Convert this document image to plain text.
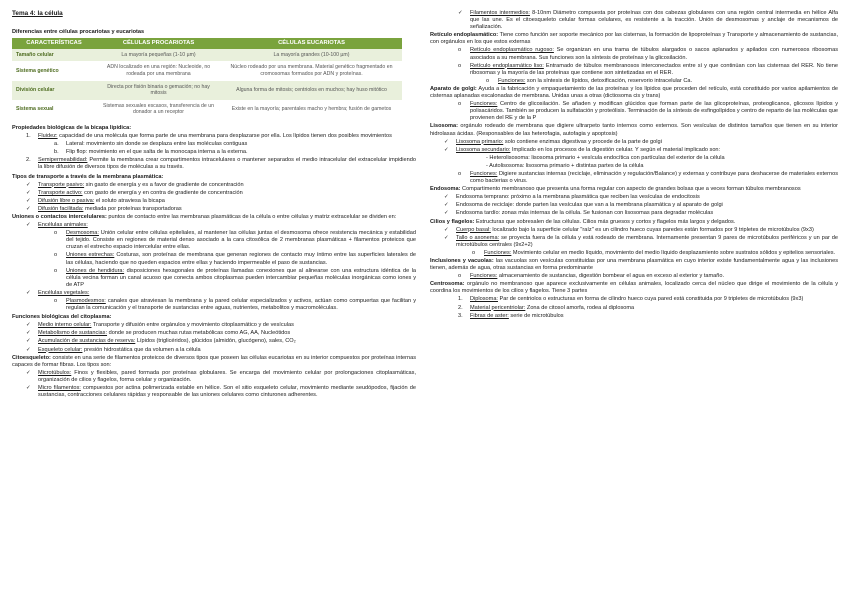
Tema 4: la célula
Diferencias entre células procariotas y eucariotas
CARACTERÍSTICAS	CÉLULAS PROCARIOTAS	CÉLULAS EUCARIOTAS
Tamaño celular	La mayoría pequeñas (1-10 µm)	La mayoría grandes (10-100 µm)
Sistema genético	ADN localizado en una región: Nucleoide, no rodeada por una membrana	Núcleo rodeado por una membrana. Material genético fragmentado en cromosomas formados por ADN y proteínas.
División celular	Directa por fisión binaria o gemación; no hay mitosis	Alguna forma de mitosis; centriolos en muchos; hay huso mitótico
Sistema sexual	Sistemas sexuales escasos, transferencia de un donador a un receptor	Existe en la mayoría; parentales macho y hembra; fusión de gametos
Propiedades biológicas de la bicapa lipídica:
1.	Fluidez: capacidad de una molécula que forma parte de una membrana para desplazarse por ella. Los lípidos tienen dos posibles movimientos
a.	Lateral: movimiento sin donde se desplaza entre las moléculas contiguas
b.	Flip flop: movimiento en el que salta de la monocapa interna a la externa.
2.	Semipermeabilidad: Permite la membrana crear compartimentos intracelulares o mantener separados el medio intracelular del extracelular impidiendo la libre difusión de diversos tipos de moléculas a su través.
Tipos de transporte a través de la membrana plasmática:
✓	Transporte pasivo: sin gasto de energía y es a favor de gradiente de concentración
✓	Transporte activo: con gasto de energía y en contra de gradiente de concentración
✓	Difusión libre o pasiva: el soluto atraviesa la bicapa
✓	Difusión facilitada: mediada por proteínas transportadoras

Uniones o contactos intercelulares: puntos de contacto entre las membranas plasmáticas de la célula o entre células y matriz extracelular se dividen en:

✓	Encélulas animales:
o	Desmosoma: Unión celular entre células epiteliales, al mantener las células juntas el desmosoma ofrece resistencia mecánica y estabilidad del tejido. Consiste en regiones de material denso asociado a la cara citosólica de 2 membranas plasmáticas + filamentos proteicos que cruzan el estrecho espacio intercelular entre ellas.
o	Uniones estrechas: Costuras, son proteínas de membrana que generan regiones de contacto muy íntimo entre las superficies laterales de las células, haciendo que no queden espacios entre ellas y haciendo impermeable el paso de sustancias.
o	Uniones de hendidura: disposiciones hexagonales de proteínas llamadas conexiones que al alinearse con una estructura idéntica de la célula vecina forman un canal acuoso que conecta ambos citoplasmas pueden intercambiar pequeñas moléculas inorgánicas como iones y de ATP
✓	Encélulas vegetales:
o	Plasmodesmos: canales que atraviesan la membrana y la pared celular especializados y activos, actúan como compuertas que facilitan y regulan la comunicación y el transporte de sustancias entre aguas, nutrientes, metabolitos y macromoléculas.
Funciones biológicas del citoplasma:
✓	Medio interno celular: Transporte y difusión entre orgánulos y movimiento citoplasmático y de vesículas
✓	Metabolismo de sustancias: donde se producen muchas rutas metabólicas como AG, AA, Nucleótidos
✓	Acumulación de sustancias de reserva: Lípidos (triglicéridos), glúcidos (almidón, glucógeno), sales, CO₂
✓	Esqueleto celular: presión hidrostática que da volumen a la célula

Citoesqueleto: consiste en una serie de filamentos proteicos de diversos tipos que poseen las células eucariotas en su interior compuestos por proteínas internas capaces de formar fibras. Los tipos son:

✓	Microtúbulos: Finos y flexibles, pared formada por proteínas globulares. Se encarga del movimiento celular por prolongaciones citoplasmáticas, organización de cilios y flagelos, forma celular y organización.
✓	Micro filamentos: compuestos por actina polimerizada estable en hélice. Son el sitio esqueleto celular, movimiento mediante seudópodos, fijación de sustancias, contracciones celulares rápidas y responsable de las uniones celulares como cinturones adherentes.
✓	Filamentos intermedios: 8-10nm Diámetro compuesta por proteínas con dos cabezas globulares con una región central intermedia en hélice Alfa que las une. Es el citoesqueleto celular formas celulares, es resistente a la tracción. Unión de desmosomas y anclaje de mecanismos de señalización.

Retículo endoplasmático: Tiene como función ser soporte mecánico por las cisternas, la formación de lipoproteínas y Transporte y almacenamiento de sustancias, con orgánulos en los que estos externas

o	Retículo endoplasmático rugoso: Se organizan en una trama de túbulos alargados o sacos aplanados y apilados con numerosos ribosomas asociados a su membrana. Sus funciones son la síntesis de proteínas y la glicosilación.
o	Retículo endoplasmático liso: Entramado de túbulos membranosos interconectados entre sí y que continúan con las cisternas del RER. No tiene ribosomas y la mayoría de las proteínas que contiene son sintetizadas en el RER.
o	Funciones: son la síntesis de lípidos, detoxificación, reservorio intracelular Ca.

Aparato de golgi: Ayuda a la fabricación y empaquetamiento de las proteínas y los lípidos que proceden del retículo, está constituido por varios apilamientos de cisternas aplanadas escalonadas de membrana. Unidas unas a otras (dictiosoma cis y trans)

o	Funciones: Centro de glicosilación. Se añaden y modifican glúcidos que forman parte de las glicoproteínas, proteoglicanos, glicosos lípidos y polisacáridos. También se producen la sulfatación y proteólisis. Terminación de la síntesis de esfingolípidos y centro de reparto de las moléculas que provienen del RE y de la P

Lisosoma: orgánulo rodeado de membrana que digiere ultrarpeto tanto internos como externos. Son vesículas de distintos tamaños que tienen en su interior hidrolasas ácidas. (Responsables de las heterofagia, autofagia y apoptosis)

✓	Lisosoma primario: solo contiene enzimas digestivas y procede de la parte de golgi
✓	Lisosoma secundario: Implicado en los procesos de la digestión celular. Y según el material implicado son:

- Heterolisosoma: lisosoma primario + vesícula endocítica con partículas del exterior de la célula

- Autolisosoma: lisosoma primario + distintas partes de la célula

o	Funciones: Digiere sustancias internas (reciclaje, eliminación y regulación/Balance) y externas y contribuye para deshacerse de materiales externos como bacterias o virus.

Endosoma: Compartimento membranoso que presenta una forma regular con aspecto de grandes bolsas que a veces forman túbulos membranosos

✓	Endosoma temprano: próximo a la membrana plasmática que reciben las vesículas de endocitosis
✓	Endosoma de reciclaje: donde parten las vesículas que van a la membrana plasmática y al aparato de golgi
✓	Endosoma tardío: zonas más internas de la célula. Se fusionan con lisosomas para degradar moléculas

Cilios y flagelos: Estructuras que sobresalen de las células. Cilios más gruesos y cortos y flagelos más largos y delgados.

✓	Cuerpo basal: localizado bajo la superficie celular "raíz" es un cilindro hueco cuyas paredes están formados por 9 tripletes de microtúbulos (9x3)
✓	Tallo o axonema: se proyecta fuera de la célula y está rodeado de membrana. Internamente presentan 9 pares de microtúbulos periféricos y un par de microtúbulos centrales (9x2+2)
o	Funciones: Movimiento celular en medio líquido, movimiento del medio líquido desplazamiento sobre sustratos sólidos y epitelios sensoriales.

Inclusiones y vacuolas: las vacuolas son vesículas constituidas por una membrana plasmática en cuyo interior existe fundamentalmente agua y las inclusiones tienen, además de agua, otras sustancias en forma predominante

o	Funciones: almacenamiento de sustancias, digestión bombear el agua en exceso al exterior y tamaño.

Centrosoma: orgánulo no membranoso que aparece exclusivamente en células animales, localizado cerca del núcleo que dirige el movimiento de la célula y coordina los movimientos de los cilios y flagelos. Tiene 3 partes

1.	Diplosoma: Par de centriolos o estructuras en forma de cilindro hueco cuya pared está constituida por 9 tripletes de microtúbulos (9x3)
2.	Material pericentriolar: Zona de citosol amorfa, rodea al diplosoma
3.	Fibras de aster: serie de microtúbulos
